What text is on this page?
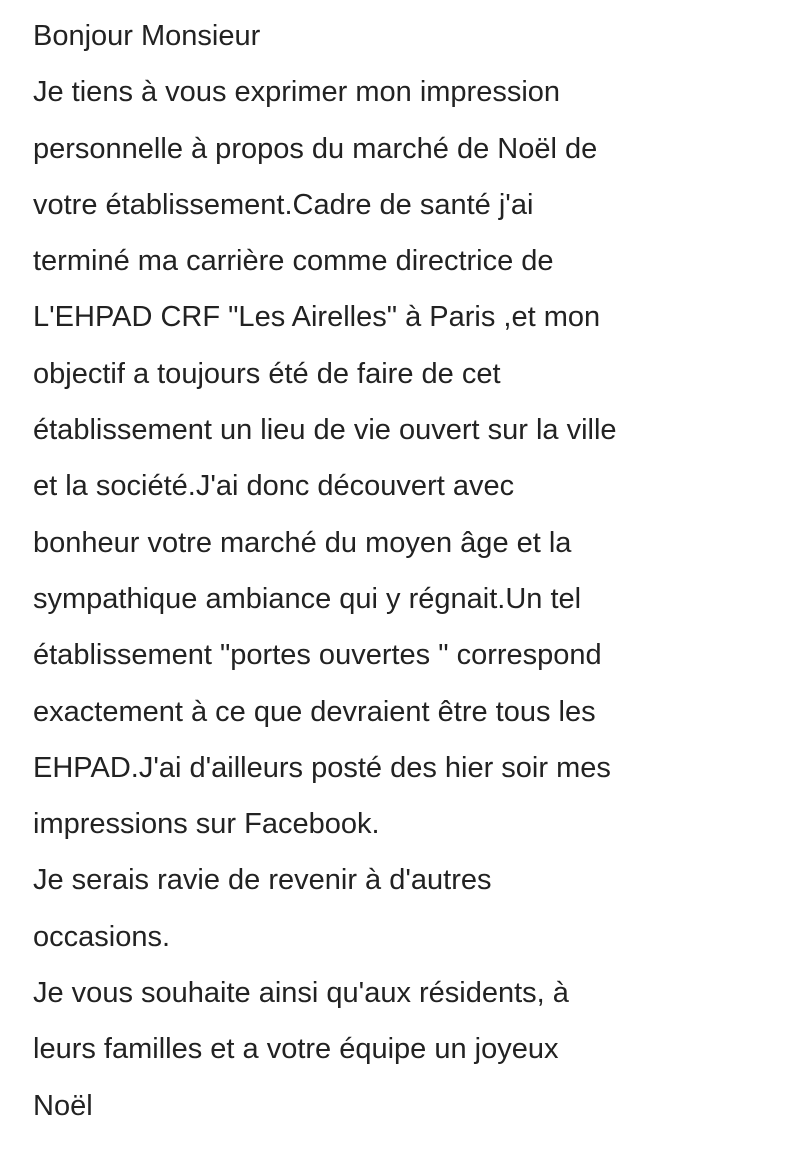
Bonjour Monsieur
Je tiens à vous exprimer mon impression
personnelle à propos du marché de Noël de
votre établissement.Cadre de santé j'ai
terminé ma carrière comme directrice de
L'EHPAD CRF "Les Airelles" à Paris ,et mon
objectif a toujours été de faire de cet
établissement un lieu de vie ouvert sur la ville
et la société.J'ai donc découvert avec
bonheur votre marché du moyen âge et la
sympathique ambiance qui y régnait.Un tel
établissement "portes ouvertes " correspond
exactement à ce que devraient être tous les
EHPAD.J'ai d'ailleurs posté des hier soir mes
impressions sur Facebook.
Je serais ravie de revenir à d'autres
occasions.
Je vous souhaite ainsi qu'aux résidents, à
leurs familles et a votre équipe un joyeux
Noël
